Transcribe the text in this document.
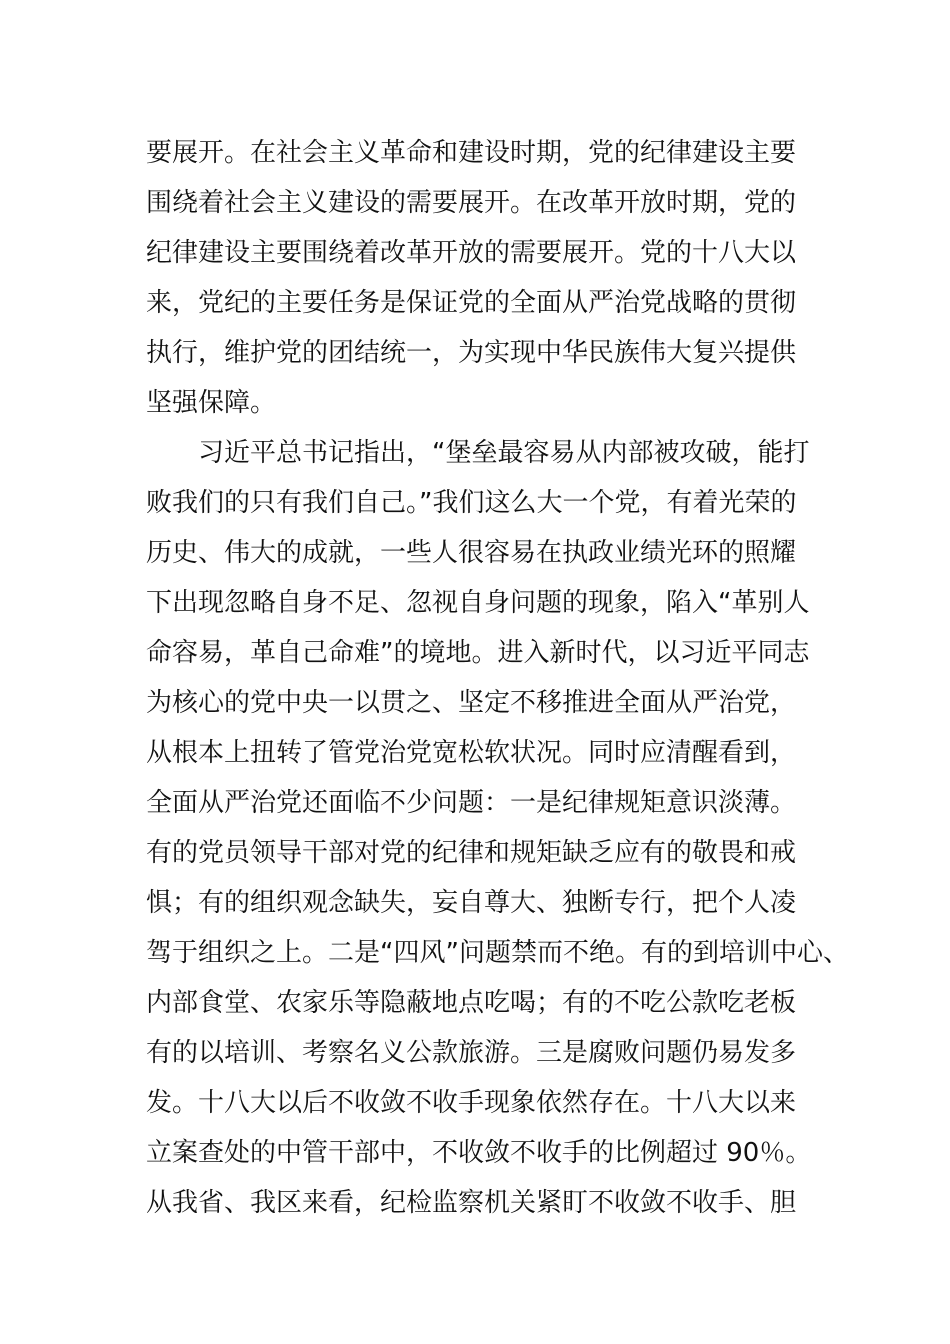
要展开。在社会主义革命和建设时期，党的纪律建设主要
围绕着社会主义建设的需要展开。在改革开放时期，党的
纪律建设主要围绕着改革开放的需要展开。党的十八大以
来，党纪的主要任务是保证党的全面从严治党战略的贯彻
执行，维护党的团结统一，为实现中华民族伟大复兴提供
坚强保障。
　　习近平总书记指出，“堡垒最容易从内部被攻破，能打
败我们的只有我们自己。”我们这么大一个党，有着光荣的
历史、伟大的成就，一些人很容易在执政业绩光环的照耀
下出现忽略自身不足、忽视自身问题的现象，陷入“革别人
命容易，革自己命难”的境地。进入新时代，以习近平同志
为核心的党中央一以贯之、坚定不移推进全面从严治党，
从根本上扭转了管党治党宽松软状况。同时应清醒看到，
全面从严治党还面临不少问题：一是纪律规矩意识淡薄。
有的党员领导干部对党的纪律和规矩缺乏应有的敬畏和戒
惧；有的组织观念缺失，妄自尊大、独断专行，把个人凌
驾于组织之上。二是“四风”问题禁而不绝。有的到培训中心、
内部食堂、农家乐等隐蔽地点吃喝；有的不吃公款吃老板
有的以培训、考察名义公款旅游。三是腐败问题仍易发多
发。十八大以后不收敛不收手现象依然存在。十八大以来
立案查处的中管干部中，不收敛不收手的比例超过 90％。
从我省、我区来看，纪检监察机关紧盯不收敛不收手、胆
